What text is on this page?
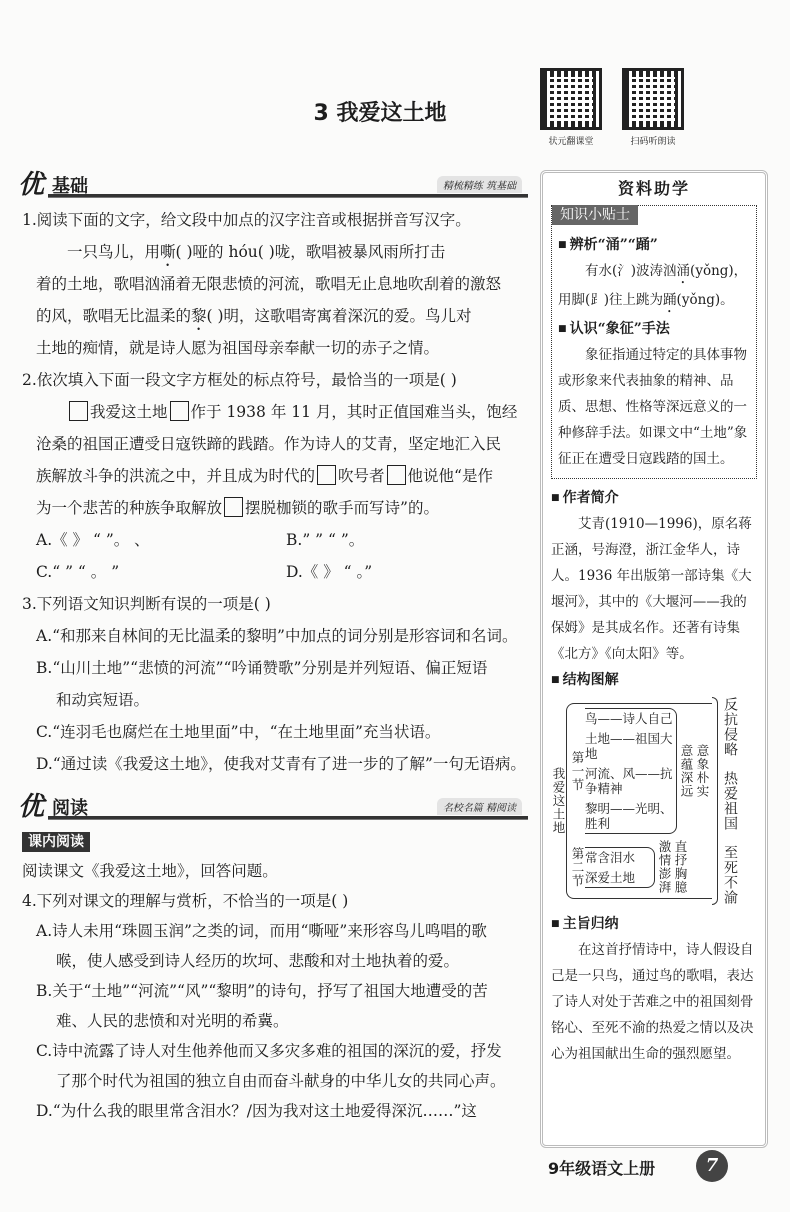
3 我爱这土地
状元翻课堂	扫码听朗读
优 基础	精梳精练 筑基础
1.阅读下面的文字，给文段中加点的汉字注音或根据拼音写汉字。
一只鸟儿，用嘶( )哑的 hóu( )咙，歌唱被暴风雨所打击
着的土地，歌唱汹涌着无限悲愤的河流，歌唱无止息地吹刮着的激怒
的风，歌唱无比温柔的黎( )明，这歌唱寄寓着深沉的爱。鸟儿对
土地的痴情，就是诗人愿为祖国母亲奉献一切的赤子之情。
2.依次填入下面一段文字方框处的标点符号，最恰当的一项是( )
我爱这土地 作于 1938 年 11 月，其时正值国难当头，饱经
沧桑的祖国正遭受日寇铁蹄的践踏。作为诗人的艾青，坚定地汇入民
族解放斗争的洪流之中，并且成为时代的 吹号者 他说他“是作
为一个悲苦的种族争取解放 摆脱枷锁的歌手而写诗”的。
A.《 》 “ ”。 、	B.” ” “ ”。
C.“ ” “ 。 ”	D.《 》 “ 。”
3.下列语文知识判断有误的一项是( )
A.“和那来自林间的无比温柔的黎明”中加点的词分别是形容词和名词。
B.“山川土地”“悲愤的河流”“吟诵赞歌”分别是并列短语、偏正短语
和动宾短语。
C.“连羽毛也腐烂在土地里面”中，“在土地里面”充当状语。
D.“通过读《我爱这土地》，使我对艾青有了进一步的了解”一句无语病。
优 阅读	名校名篇 精阅读
课内阅读
阅读课文《我爱这土地》，回答问题。
4.下列对课文的理解与赏析，不恰当的一项是( )
A.诗人未用“珠圆玉润”之类的词，而用“嘶哑”来形容鸟儿鸣唱的歌
喉，使人感受到诗人经历的坎坷、悲酸和对土地执着的爱。
B.关于“土地”“河流”“风”“黎明”的诗句，抒写了祖国大地遭受的苦
难、人民的悲愤和对光明的希冀。
C.诗中流露了诗人对生他养他而又多灾多难的祖国的深沉的爱，抒发
了那个时代为祖国的独立自由而奋斗献身的中华儿女的共同心声。
D.“为什么我的眼里常含泪水？/因为我对这土地爱得深沉……”这
资料助学
知识小贴士
■ 辨析“涌”“踊”
有水(氵)波涛汹涌(yǒng)，用脚(⻊)往上跳为踊(yǒng)。
■ 认识“象征”手法
象征指通过特定的具体事物或形象来代表抽象的精神、品质、思想、性格等深远意义的一种修辞手法。如课文中“土地”象征正在遭受日寇践踏的国土。
■ 作者简介
艾青(1910—1996)，原名蒋正涵，号海澄，浙江金华人，诗人。1936 年出版第一部诗集《大堰河》，其中的《大堰河——我的保姆》是其成名作。还著有诗集《北方》《向太阳》等。
■ 结构图解
我爱这土地 第一节
鸟——诗人自己
土地——祖国大地
河流、风——抗争精神
黎明——光明、胜利
意蕴深远 意象朴实
第二节 常含泪水
深爱土地	激情澎湃 直抒胸臆
反抗侵略
热爱祖国
至死不渝
■ 主旨归纳
在这首抒情诗中，诗人假设自己是一只鸟，通过鸟的歌唱，表达了诗人对处于苦难之中的祖国刻骨铭心、至死不渝的热爱之情以及决心为祖国献出生命的强烈愿望。
9年级语文上册	7
